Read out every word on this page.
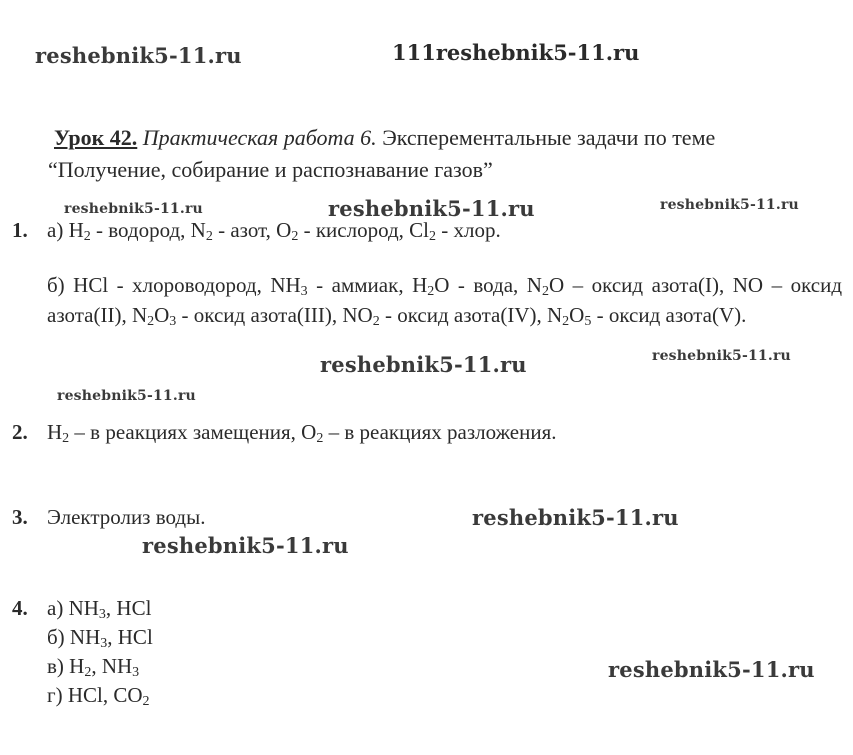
reshebnik5-11.ru	111reshebnik5-11.ru
reshebnik5-11.ru	reshebnik5-11.ru	reshebnik5-11.ru
reshebnik5-11.ru	reshebnik5-11.ru
reshebnik5-11.ru
reshebnik5-11.ru
reshebnik5-11.ru
reshebnik5-11.ru
Урок 42. Практическая работа 6. Эксперементальные задачи по теме “Получение, собирание и распознавание газов”
1. а) $H_2$ - водород, $N_2$ - азот, $O_2$ - кислород, $Cl_2$ - хлор.
б) HCl - хлороводород, $NH_3$ - аммиак, $H_2O$ - вода, $N_2O$ – оксид азота(I), NO – оксид азота(II), $N_2O_3$ - оксид азота(III), $NO_2$ - оксид азота(IV), $N_2O_5$ - оксид азота(V).
2. $H_2$ – в реакциях замещения, $O_2$ – в реакциях разложения.
3. Электролиз воды.
4. а) $NH_3$, HCl
б) $NH_3$, HCl
в) $H_2$, $NH_3$
г) HCl, $CO_2$
